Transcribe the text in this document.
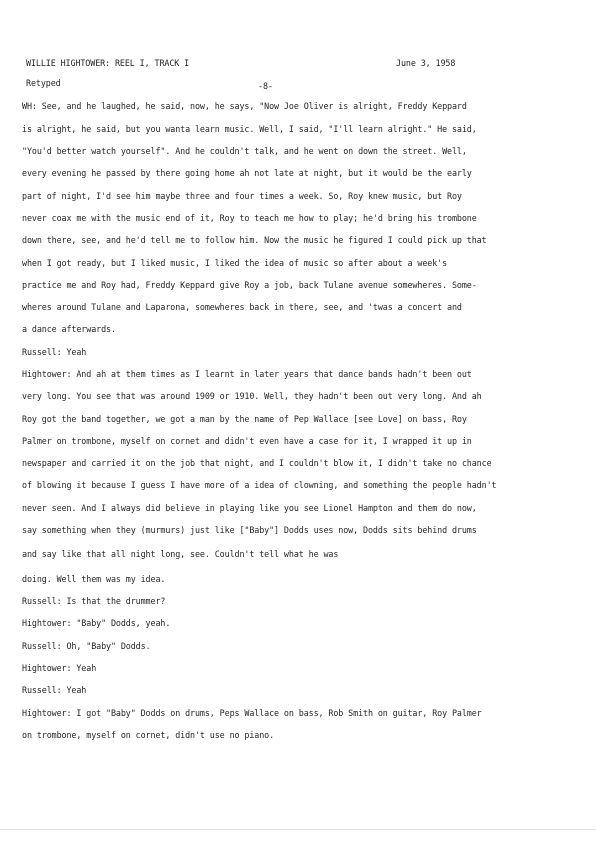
WILLIE HIGHTOWER: REEL I, TRACK I	June 3, 1958
Retyped	-8-
WH: See, and he laughed, he said, now, he says, "Now Joe Oliver is alright, Freddy Keppard
is alright, he said, but you wanta learn music. Well, I said, "I'll learn alright." He said,
"You'd better watch yourself". And he couldn't talk, and he went on down the street. Well,
every evening he passed by there going home ah not late at night, but it would be the early
part of night, I'd see him maybe three and four times a week. So, Roy knew music, but Roy
never coax me with the music end of it, Roy to teach me how to play; he'd bring his trombone
down there, see, and he'd tell me to follow him. Now the music he figured I could pick up that
when I got ready, but I liked music, I liked the idea of music so after about a week's
practice me and Roy had, Freddy Keppard give Roy a job, back Tulane avenue somewheres. Some-
wheres around Tulane and Laparona, somewheres back in there, see, and 'twas a concert and
a dance afterwards.
Russell: Yeah
Hightower: And ah at them times as I learnt in later years that dance bands hadn't been out
very long. You see that was around 1909 or 1910. Well, they hadn't been out very long. And ah
Roy got the band together, we got a man by the name of Pep Wallace [see Love] on bass, Roy
Palmer on trombone, myself on cornet and didn't even have a case for it, I wrapped it up in
newspaper and carried it on the job that night, and I couldn't blow it, I didn't take no chance
of blowing it because I guess I have more of a idea of clowning, and something the people hadn't
never seen. And I always did believe in playing like you see Lionel Hampton and them do now,
say something when they (murmurs) just like ["Baby"] Dodds uses now, Dodds sits behind drums
and say like that all night long, see. Couldn't tell what he was
doing. Well them was my idea.
Russell: Is that the drummer?
Hightower: "Baby" Dodds, yeah.
Russell: Oh, "Baby" Dodds.
Hightower: Yeah
Russell: Yeah
Hightower: I got "Baby" Dodds on drums, Peps Wallace on bass, Rob Smith on guitar, Roy Palmer
on trombone, myself on cornet, didn't use no piano.
